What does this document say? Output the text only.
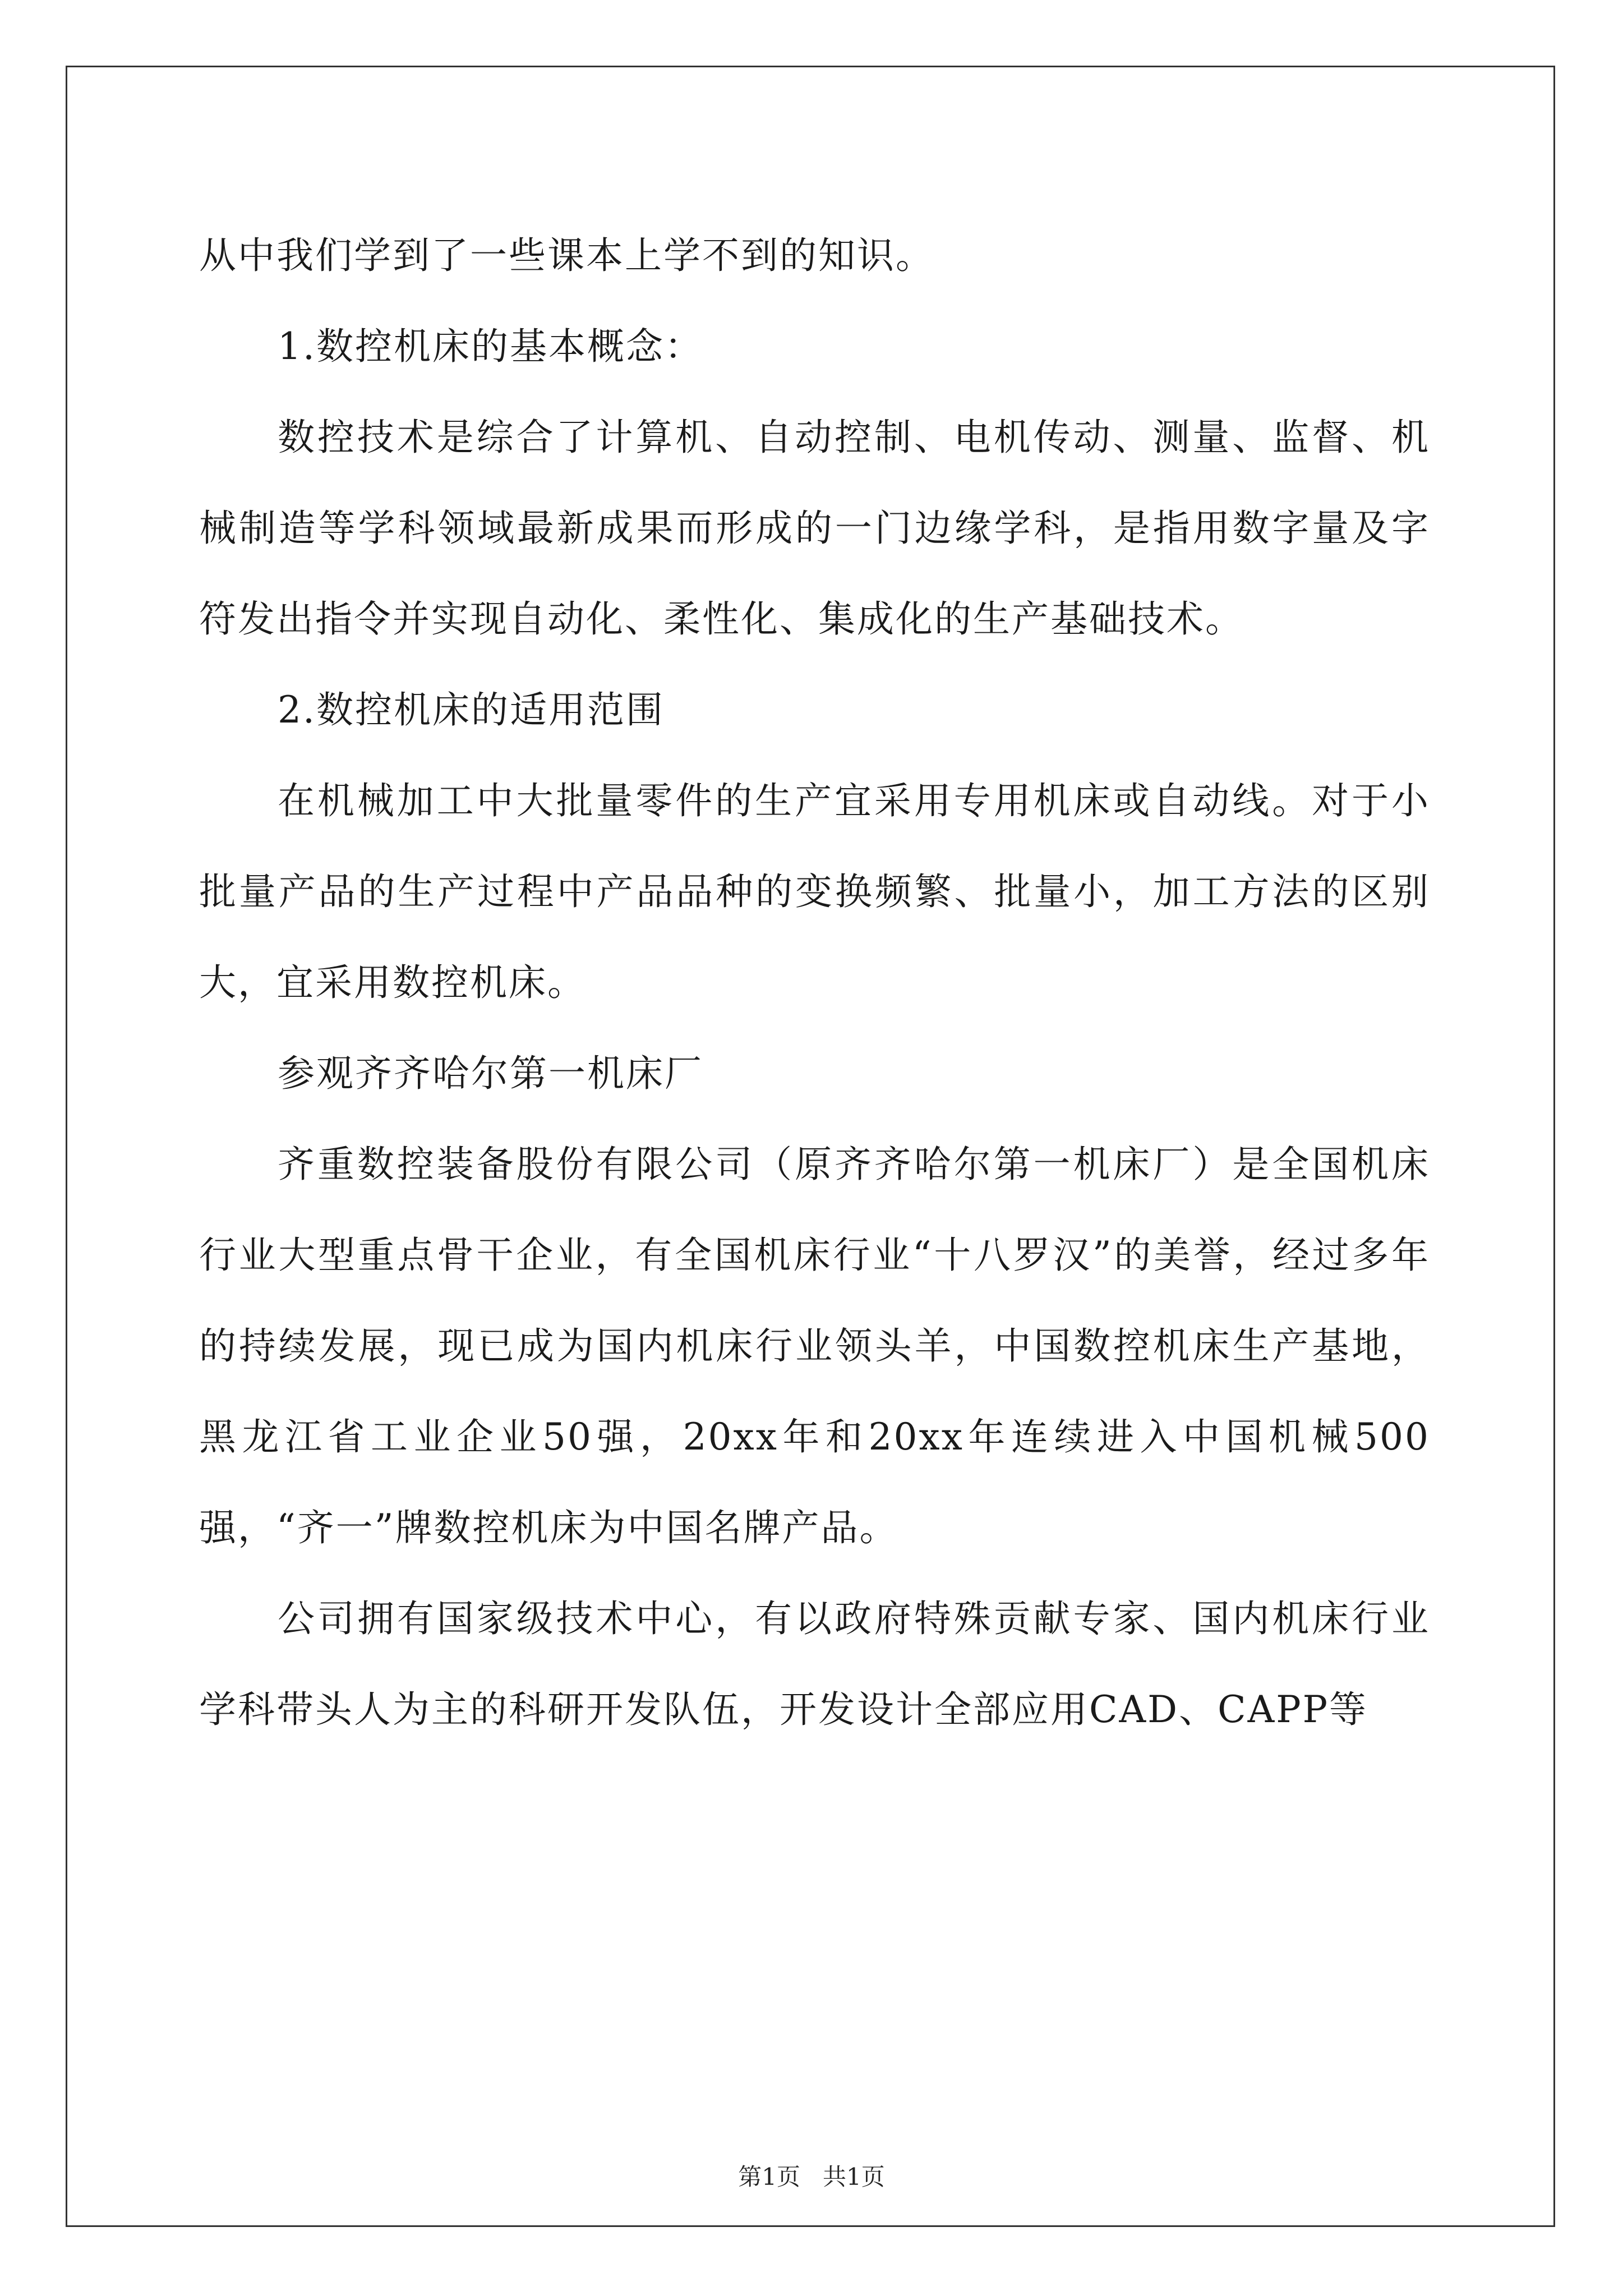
从中我们学到了一些课本上学不到的知识。

1.数控机床的基本概念：

数控技术是综合了计算机、自动控制、电机传动、测量、监督、机械制造等学科领域最新成果而形成的一门边缘学科，是指用数字量及字符发出指令并实现自动化、柔性化、集成化的生产基础技术。

2.数控机床的适用范围

在机械加工中大批量零件的生产宜采用专用机床或自动线。对于小批量产品的生产过程中产品品种的变换频繁、批量小，加工方法的区别大，宜采用数控机床。

参观齐齐哈尔第一机床厂

齐重数控装备股份有限公司（原齐齐哈尔第一机床厂）是全国机床行业大型重点骨干企业，有全国机床行业“十八罗汉”的美誉，经过多年的持续发展，现已成为国内机床行业领头羊，中国数控机床生产基地，黑龙江省工业企业50强，20xx年和20xx年连续进入中国机械500强，“齐一”牌数控机床为中国名牌产品。

公司拥有国家级技术中心，有以政府特殊贡献专家、国内机床行业学科带头人为主的科研开发队伍，开发设计全部应用CAD、CAPP等

第1页   共1页
